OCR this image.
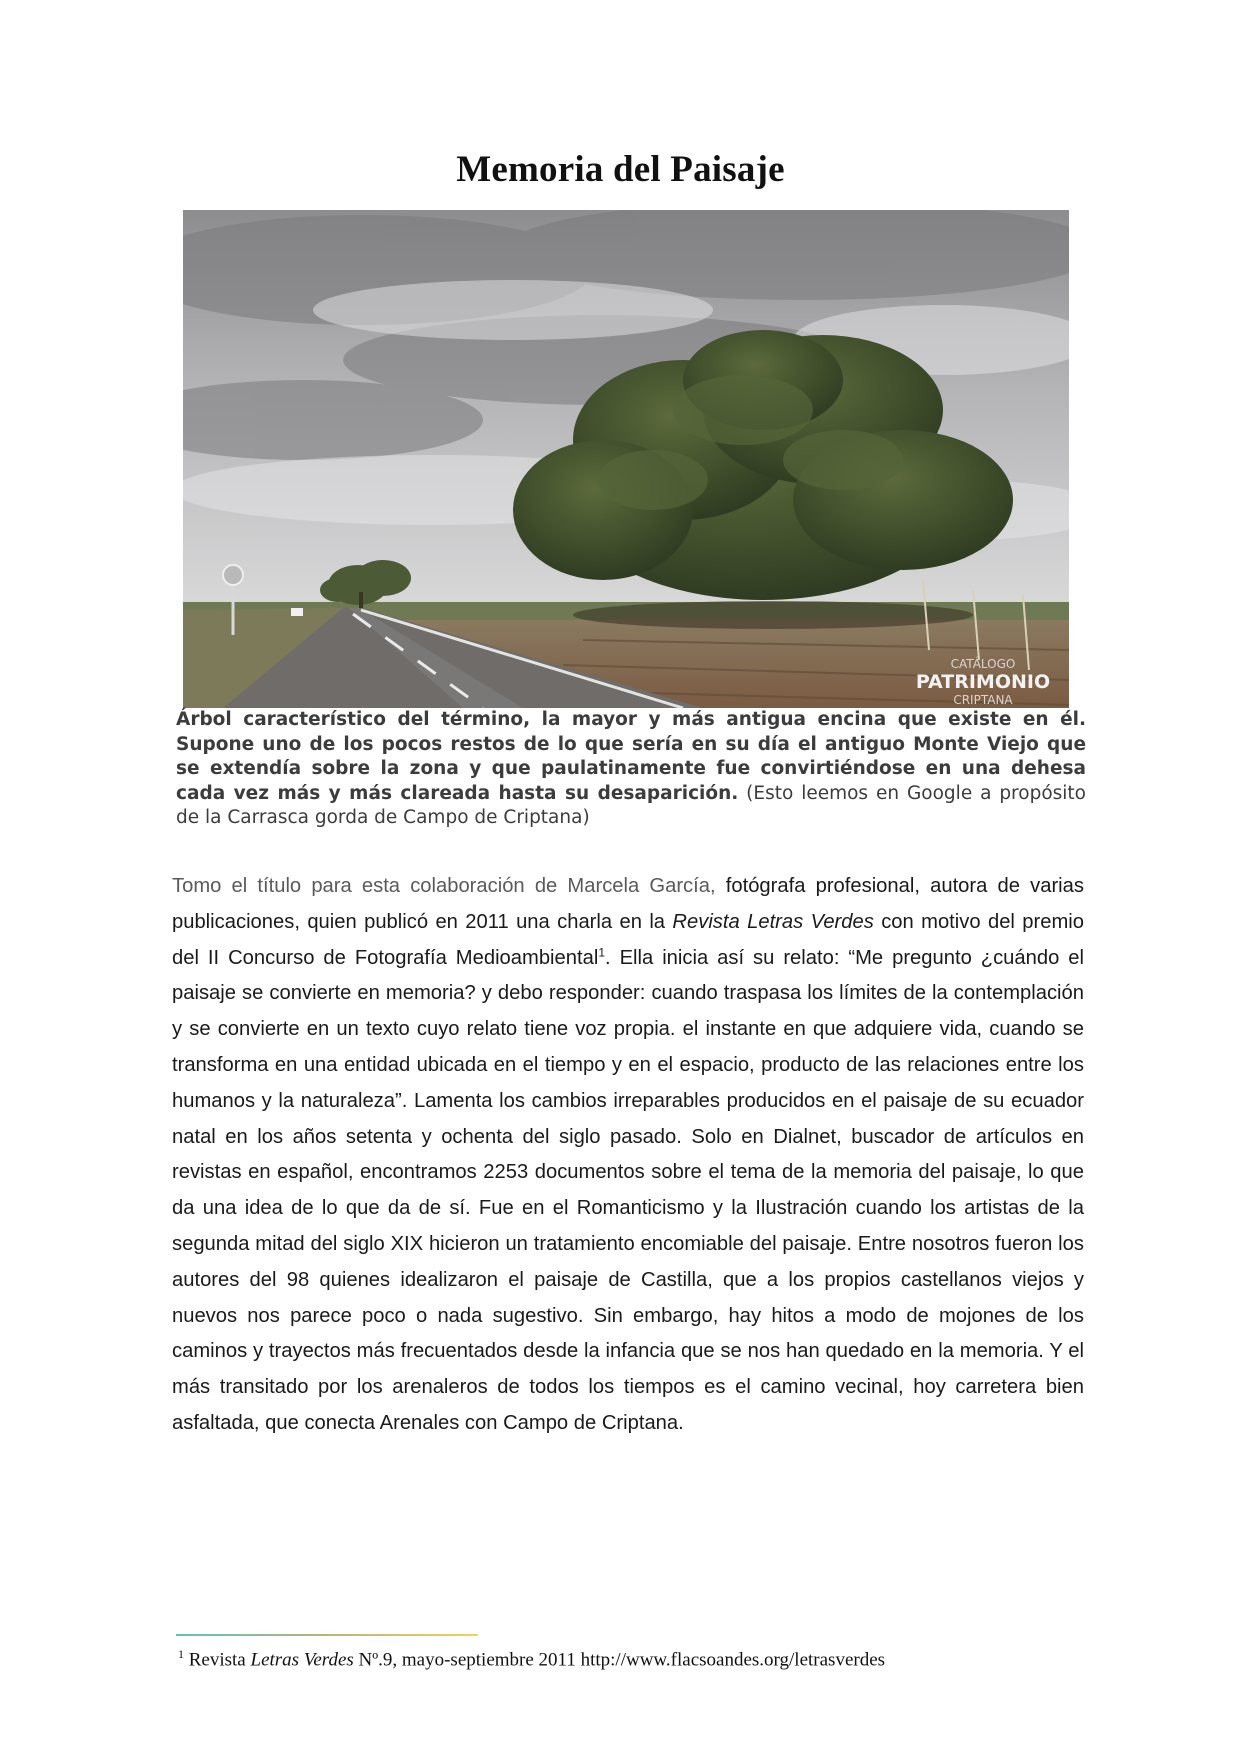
Memoria del Paisaje
CATÁLOGO
PATRIMONIO
CRIPTANA
Árbol característico del término, la mayor y más antigua encina que existe en él. Supone uno de los pocos restos de lo que sería en su día el antiguo Monte Viejo que se extendía sobre la zona y que paulatinamente fue convirtiéndose en una dehesa cada vez más y más clareada hasta su desaparición. (Esto leemos en Google a propósito de la Carrasca gorda de Campo de Criptana)
Tomo el título para esta colaboración de Marcela García, fotógrafa profesional, autora de varias publicaciones, quien publicó en 2011 una charla en la Revista Letras Verdes con motivo del premio del II Concurso de Fotografía Medioambiental$^1$. Ella inicia así su relato: “Me pregunto ¿cuándo el paisaje se convierte en memoria? y debo responder: cuando traspasa los límites de la contemplación y se convierte en un texto cuyo relato tiene voz propia. el instante en que adquiere vida, cuando se transforma en una entidad ubicada en el tiempo y en el espacio, producto de las relaciones entre los humanos y la naturaleza”. Lamenta los cambios irreparables producidos en el paisaje de su ecuador natal en los años setenta y ochenta del siglo pasado. Solo en Dialnet, buscador de artículos en revistas en español, encontramos 2253 documentos sobre el tema de la memoria del paisaje, lo que da una idea de lo que da de sí. Fue en el Romanticismo y la Ilustración cuando los artistas de la segunda mitad del siglo XIX hicieron un tratamiento encomiable del paisaje. Entre nosotros fueron los autores del 98 quienes idealizaron el paisaje de Castilla, que a los propios castellanos viejos y nuevos nos parece poco o nada sugestivo. Sin embargo, hay hitos a modo de mojones de los caminos y trayectos más frecuentados desde la infancia que se nos han quedado en la memoria. Y el más transitado por los arenaleros de todos los tiempos es el camino vecinal, hoy carretera bien asfaltada, que conecta Arenales con Campo de Criptana.
$^1$ Revista Letras Verdes Nº.9, mayo-septiembre 2011 http://www.flacsoandes.org/letrasverdes
